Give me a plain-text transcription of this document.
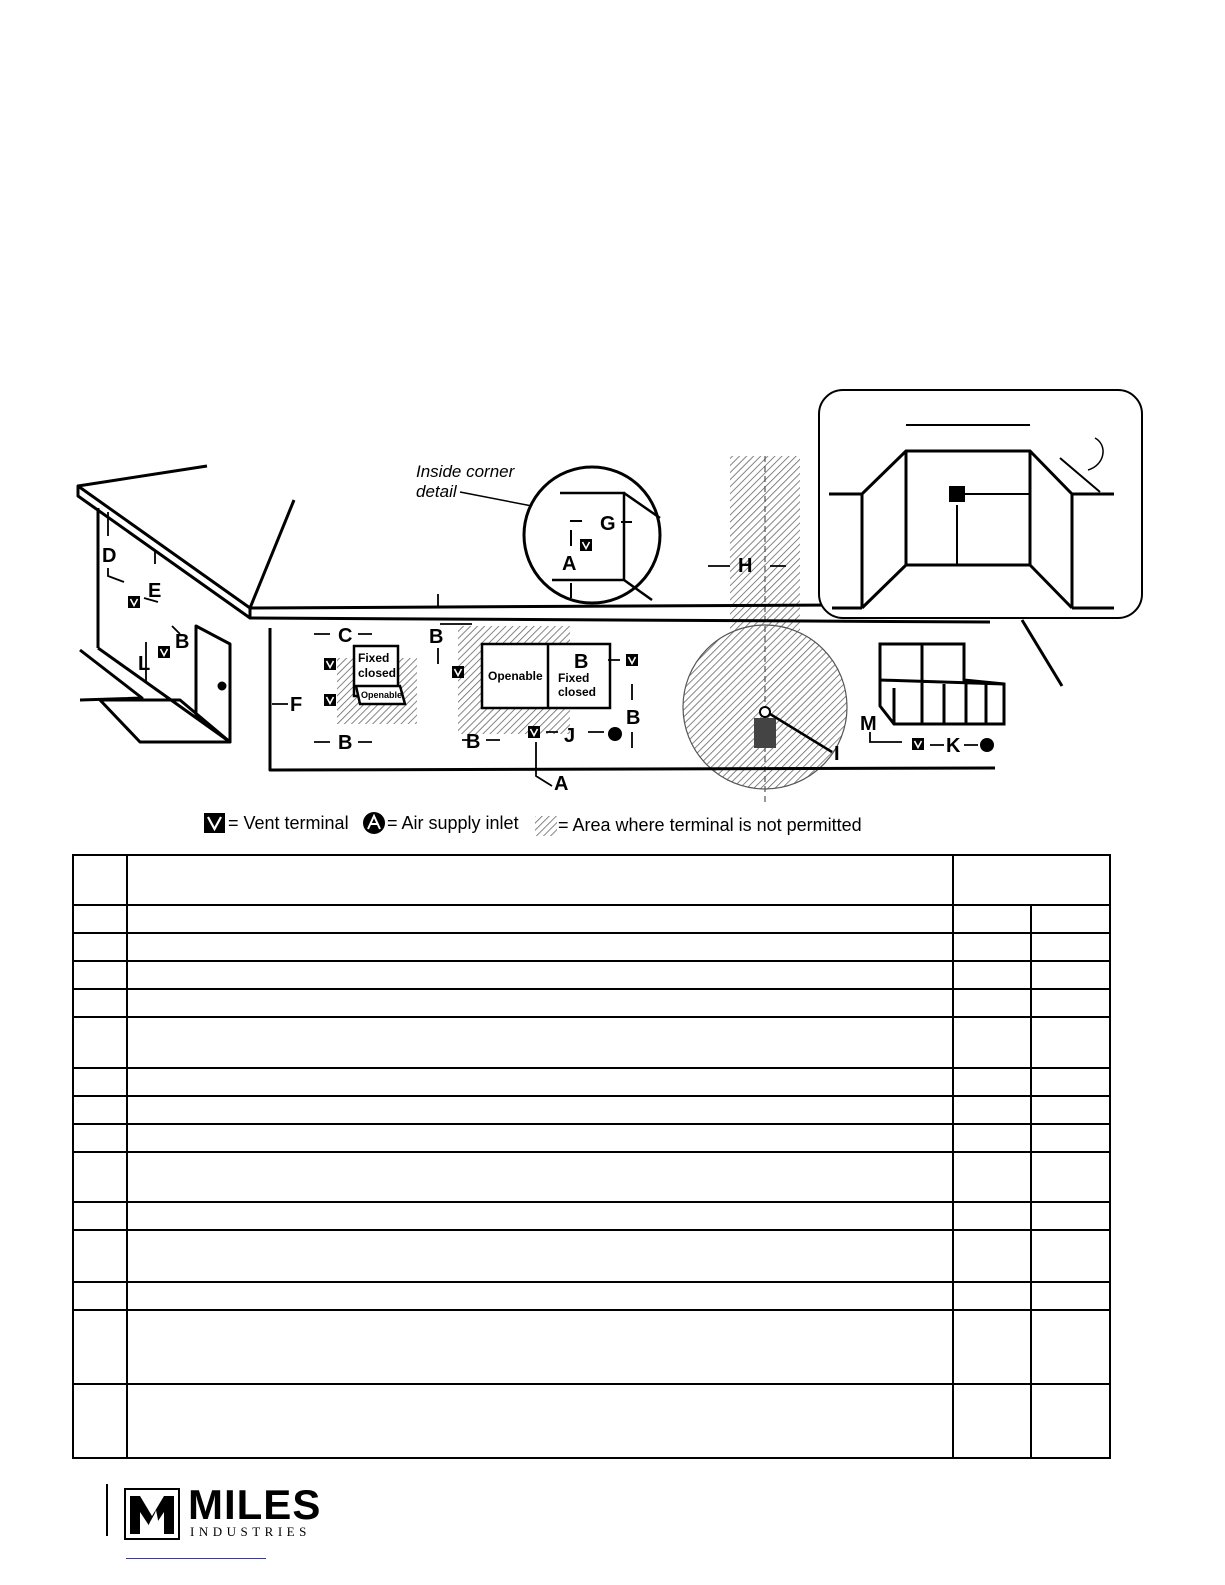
Fixed closed
Openable
Openable Fixed closed
G
A
Inside corner detail
D
E
B
L
C
F
B
B
B
B
B
J
A
H
I
M
K
= Vent terminal = Air supply inlet = Area where terminal is not permitted

MILES
INDUSTRIES
